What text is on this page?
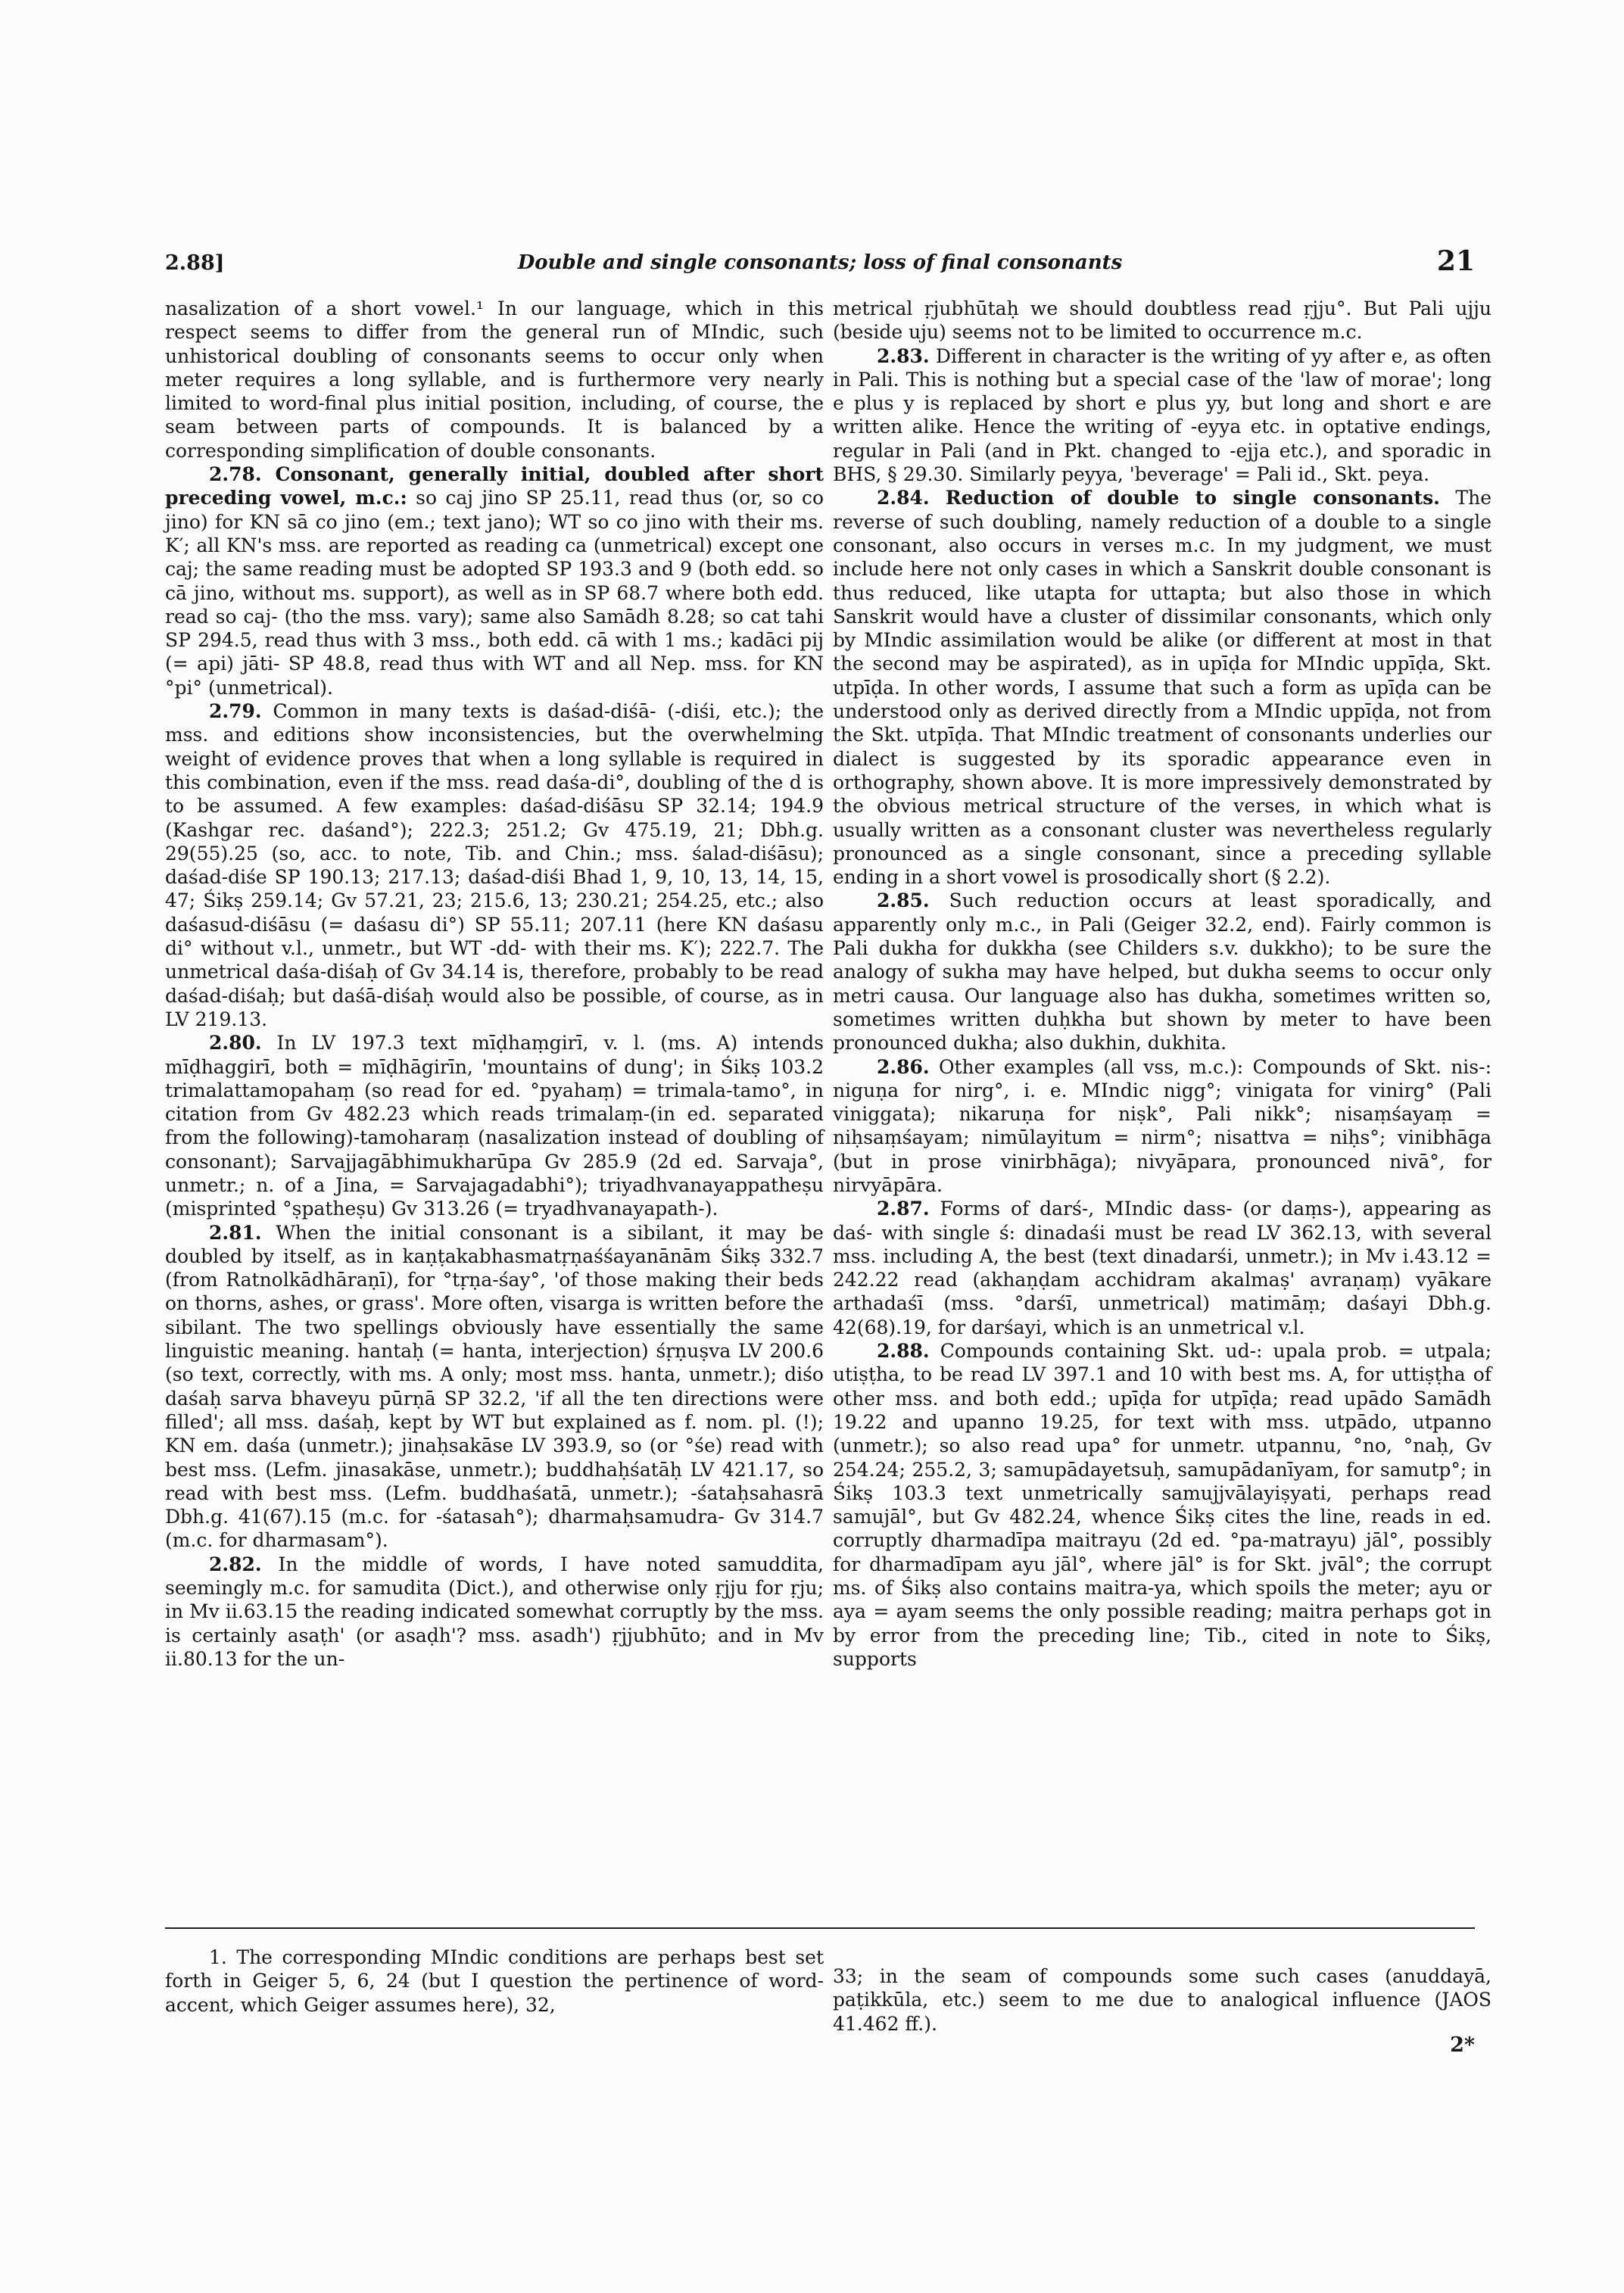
2.88]	Double and single consonants; loss of final consonants	21

nasalization of a short vowel.¹ In our language, which in this respect seems to differ from the general run of MIndic, such unhistorical doubling of consonants seems to occur only when meter requires a long syllable, and is furthermore very nearly limited to word-final plus initial position, including, of course, the seam between parts of compounds. It is balanced by a corresponding simplification of double consonants.

2.78. Consonant, generally initial, doubled after short preceding vowel, m.c.: so caj jino SP 25.11, read thus (or, so co jino) for KN sā co jino (em.; text jano); WT so co jino with their ms. K′; all KN's mss. are reported as reading ca (unmetrical) except one caj; the same reading must be adopted SP 193.3 and 9 (both edd. so cā jino, without ms. support), as well as in SP 68.7 where both edd. read so caj- (tho the mss. vary); same also Samādh 8.28; so cat tahi SP 294.5, read thus with 3 mss., both edd. cā with 1 ms.; kadāci pij (= api) jāti- SP 48.8, read thus with WT and all Nep. mss. for KN °pi° (unmetrical).

2.79. Common in many texts is daśad-diśā- (-diśi, etc.); the mss. and editions show inconsistencies, but the overwhelming weight of evidence proves that when a long syllable is required in this combination, even if the mss. read daśa-di°, doubling of the d is to be assumed. A few examples: daśad-diśāsu SP 32.14; 194.9 (Kashgar rec. daśand°); 222.3; 251.2; Gv 475.19, 21; Dbh.g. 29(55).25 (so, acc. to note, Tib. and Chin.; mss. śalad-diśāsu); daśad-diśe SP 190.13; 217.13; daśad-diśi Bhad 1, 9, 10, 13, 14, 15, 47; Śikṣ 259.14; Gv 57.21, 23; 215.6, 13; 230.21; 254.25, etc.; also daśasud-diśāsu (= daśasu di°) SP 55.11; 207.11 (here KN daśasu di° without v.l., unmetr., but WT -dd- with their ms. K′); 222.7. The unmetrical daśa-diśaḥ of Gv 34.14 is, therefore, probably to be read daśad-diśaḥ; but daśā-diśaḥ would also be possible, of course, as in LV 219.13.

2.80. In LV 197.3 text mīḍhaṃgirī, v. l. (ms. A) intends mīḍhaggirī, both = mīḍhāgirīn, 'mountains of dung'; in Śikṣ 103.2 trimalattamopahaṃ (so read for ed. °pyahaṃ) = trimala-tamo°, in citation from Gv 482.23 which reads trimalaṃ-(in ed. separated from the following)-tamoharaṃ (nasalization instead of doubling of consonant); Sarvajjagābhimukharūpa Gv 285.9 (2d ed. Sarvaja°, unmetr.; n. of a Jina, = Sarvajagadabhi°); triyadhvanayappatheṣu (misprinted °ṣpatheṣu) Gv 313.26 (= tryadhvanayapath-).

2.81. When the initial consonant is a sibilant, it may be doubled by itself, as in kaṇṭakabhasmatṛṇaśśayanānām Śikṣ 332.7 (from Ratnolkādhāraṇī), for °tṛṇa-śay°, 'of those making their beds on thorns, ashes, or grass'. More often, visarga is written before the sibilant. The two spellings obviously have essentially the same linguistic meaning. hantaḥ (= hanta, interjection) śṛṇuṣva LV 200.6 (so text, correctly, with ms. A only; most mss. hanta, unmetr.); diśo daśaḥ sarva bhaveyu pūrṇā SP 32.2, 'if all the ten directions were filled'; all mss. daśaḥ, kept by WT but explained as f. nom. pl. (!); KN em. daśa (unmetr.); jinaḥsakāse LV 393.9, so (or °śe) read with best mss. (Lefm. jinasakāse, unmetr.); buddhaḥśatāḥ LV 421.17, so read with best mss. (Lefm. buddhaśatā, unmetr.); -śataḥsahasrā Dbh.g. 41(67).15 (m.c. for -śatasah°); dharmaḥsamudra- Gv 314.7 (m.c. for dharmasam°).

2.82. In the middle of words, I have noted samuddita, seemingly m.c. for samudita (Dict.), and otherwise only ṛjju for ṛju; in Mv ii.63.15 the reading indicated somewhat corruptly by the mss. is certainly asaṭh' (or asaḍh'? mss. asadh') ṛjjubhūto; and in Mv ii.80.13 for the un-

metrical ṛjubhūtaḥ we should doubtless read ṛjju°. But Pali ujju (beside uju) seems not to be limited to occurrence m.c.

2.83. Different in character is the writing of yy after e, as often in Pali. This is nothing but a special case of the 'law of morae'; long e plus y is replaced by short e plus yy, but long and short e are written alike. Hence the writing of -eyya etc. in optative endings, regular in Pali (and in Pkt. changed to -ejja etc.), and sporadic in BHS, § 29.30. Similarly peyya, 'beverage' = Pali id., Skt. peya.

2.84. Reduction of double to single consonants. The reverse of such doubling, namely reduction of a double to a single consonant, also occurs in verses m.c. In my judgment, we must include here not only cases in which a Sanskrit double consonant is thus reduced, like utapta for uttapta; but also those in which Sanskrit would have a cluster of dissimilar consonants, which only by MIndic assimilation would be alike (or different at most in that the second may be aspirated), as in upīḍa for MIndic uppīḍa, Skt. utpīḍa. In other words, I assume that such a form as upīḍa can be understood only as derived directly from a MIndic uppīḍa, not from the Skt. utpīḍa. That MIndic treatment of consonants underlies our dialect is suggested by its sporadic appearance even in orthography, shown above. It is more impressively demonstrated by the obvious metrical structure of the verses, in which what is usually written as a consonant cluster was nevertheless regularly pronounced as a single consonant, since a preceding syllable ending in a short vowel is prosodically short (§ 2.2).

2.85. Such reduction occurs at least sporadically, and apparently only m.c., in Pali (Geiger 32.2, end). Fairly common is Pali dukha for dukkha (see Childers s.v. dukkho); to be sure the analogy of sukha may have helped, but dukha seems to occur only metri causa. Our language also has dukha, sometimes written so, sometimes written duḥkha but shown by meter to have been pronounced dukha; also dukhin, dukhita.

2.86. Other examples (all vss, m.c.): Compounds of Skt. nis-: niguṇa for nirg°, i. e. MIndic nigg°; vinigata for vinirg° (Pali viniggata); nikaruṇa for niṣk°, Pali nikk°; nisaṃśayaṃ = niḥsaṃśayam; nimūlayitum = nirm°; nisattva = niḥs°; vinibhāga (but in prose vinirbhāga); nivyāpara, pronounced nivā°, for nirvyāpāra.

2.87. Forms of darś-, MIndic dass- (or daṃs-), appearing as daś- with single ś: dinadaśi must be read LV 362.13, with several mss. including A, the best (text dinadarśi, unmetr.); in Mv i.43.12 = 242.22 read (akhaṇḍam acchidram akalmaṣ' avraṇaṃ) vyākare arthadaśī (mss. °darśī, unmetrical) matimāṃ; daśayi Dbh.g. 42(68).19, for darśayi, which is an unmetrical v.l.

2.88. Compounds containing Skt. ud-: upala prob. = utpala; utiṣṭha, to be read LV 397.1 and 10 with best ms. A, for uttiṣṭha of other mss. and both edd.; upīḍa for utpīḍa; read upādo Samādh 19.22 and upanno 19.25, for text with mss. utpādo, utpanno (unmetr.); so also read upa° for unmetr. utpannu, °no, °naḥ, Gv 254.24; 255.2, 3; samupādayetsuḥ, samupādanīyam, for samutp°; in Śikṣ 103.3 text unmetrically samujjvālayiṣyati, perhaps read samujāl°, but Gv 482.24, whence Śikṣ cites the line, reads in ed. corruptly dharmadīpa maitrayu (2d ed. °pa-matrayu) jāl°, possibly for dharmadīpam ayu jāl°, where jāl° is for Skt. jvāl°; the corrupt ms. of Śikṣ also contains maitra-ya, which spoils the meter; ayu or aya = ayam seems the only possible reading; maitra perhaps got in by error from the preceding line; Tib., cited in note to Śikṣ, supports

1. The corresponding MIndic conditions are perhaps best set forth in Geiger 5, 6, 24 (but I question the pertinence of word-accent, which Geiger assumes here), 32,

33; in the seam of compounds some such cases (anuddayā, paṭikkūla, etc.) seem to me due to analogical influence (JAOS 41.462 ff.).

2*
